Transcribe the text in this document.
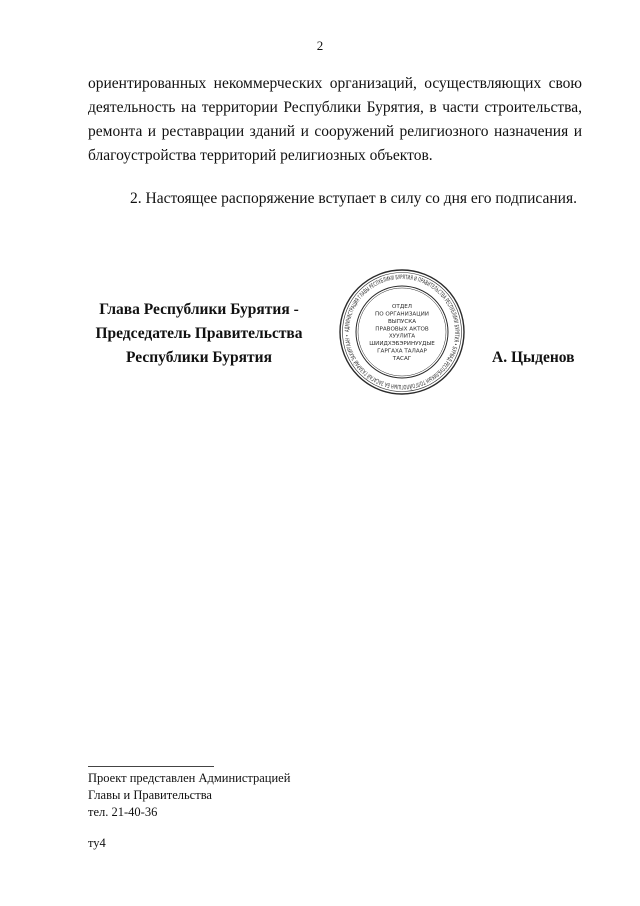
2
ориентированных некоммерческих организаций, осуществляющих свою
деятельность на территории Республики Бурятия, в части строительства,
ремонта и реставрации зданий и сооружений религиозного назначения и
благоустройства территорий религиозных объектов.
2. Настоящее распоряжение вступает в силу со дня его подписания.
Глава Республики Бурятия -
Председатель Правительства
Республики Бурятия
АДМИНИСТРАЦИЯ ГЛАВЫ РЕСПУБЛИКИ БУРЯТИЯ И ПРАВИТЕЛЬСТВА РЕСПУБЛИКИ БУРЯТИЯ • БУРЯАД РЕСПУБЛИКЫН ТОЛГОЙЛОГШЫН БА ЗАСАГАЙ ГАЗАРАЙ ЗАХИРГААН •
ОТДЕЛ
ПО ОРГАНИЗАЦИИ
ВЫПУСКА
ПРАВОВЫХ АКТОВ
ХУУЛИТА
ШИИДХЭБЭРИНУУДЫЕ
ГАРГАХА ТАЛААР
ТАСАГ	А. Цыденов
Проект представлен Администрацией
Главы и Правительства
тел. 21-40-36
ту4
